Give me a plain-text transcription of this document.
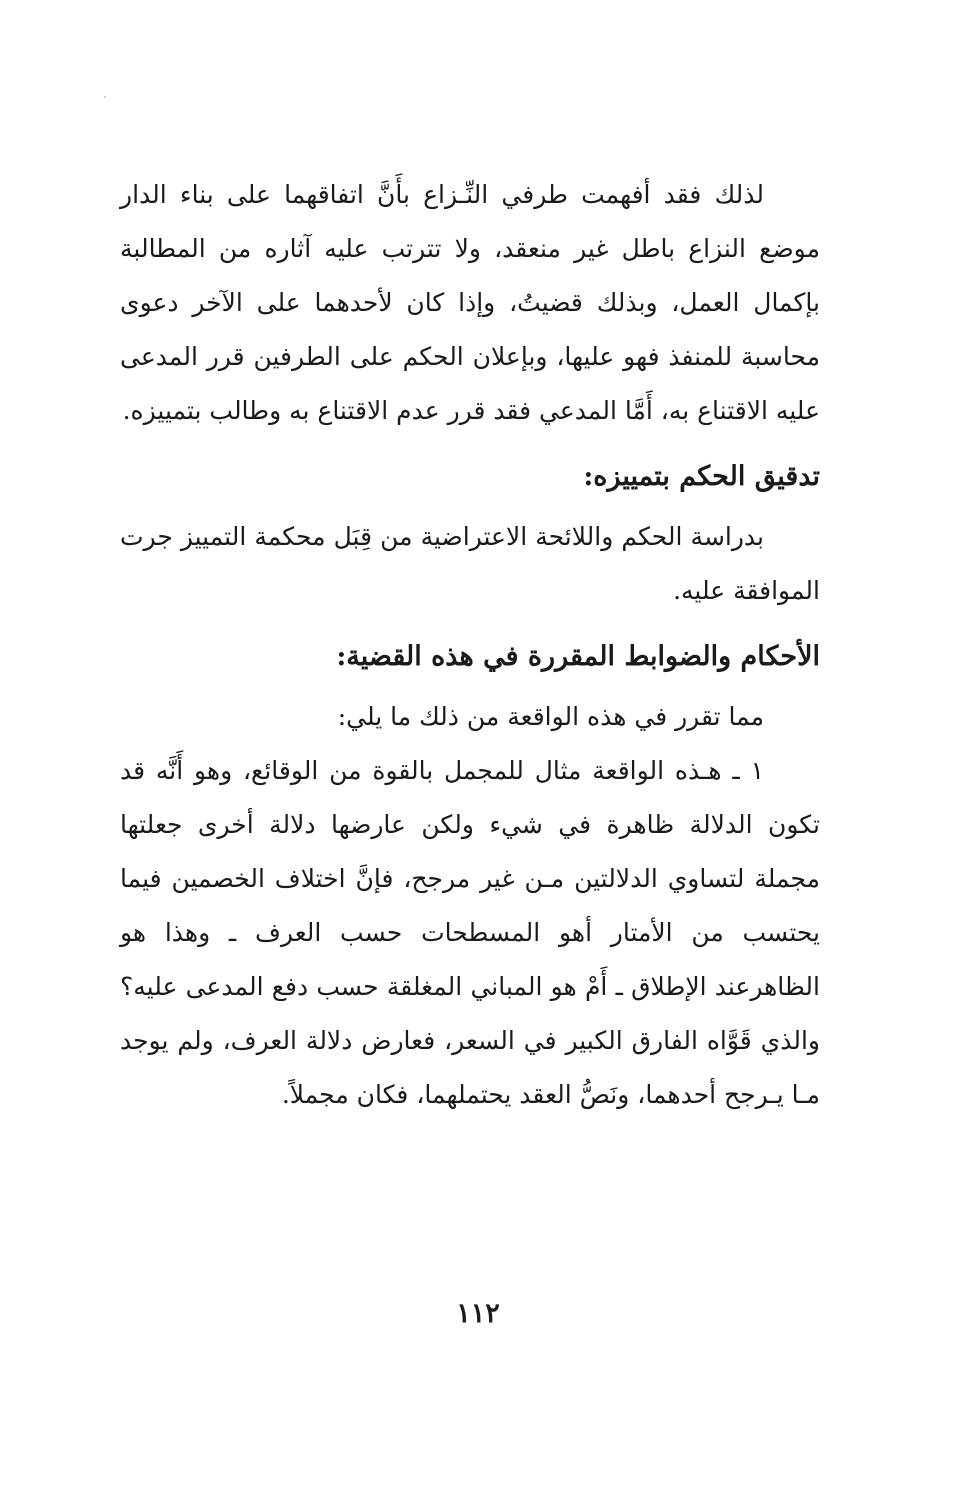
لذلك فقد أفهمت طرفي النِّـزاع بأَنَّ اتفاقهما على بناء الدار موضع النزاع باطل غير منعقد، ولا تترتب عليه آثاره من المطالبة بإكمال العمل، وبذلك قضيتُ، وإذا كان لأحدهما على الآخر دعوى محاسبة للمنفذ فهو عليها، وبإعلان الحكم على الطرفين قرر المدعى عليه الاقتناع به، أَمَّا المدعي فقد قرر عدم الاقتناع به وطالب بتمييزه.

تدقيق الحكم بتمييزه:

بدراسة الحكم واللائحة الاعتراضية من قِبَل محكمة التمييز جرت الموافقة عليه.

الأحكام والضوابط المقررة في هذه القضية:

مما تقرر في هذه الواقعة من ذلك ما يلي:

١ ـ هـذه الواقعة مثال للمجمل بالقوة من الوقائع، وهو أَنَّه قد تكون الدلالة ظاهرة في شيء ولكن عارضها دلالة أخرى جعلتها مجملة لتساوي الدلالتين مـن غير مرجح، فإنَّ اختلاف الخصمين فيما يحتسب من الأمتار أهو المسطحات حسب العرف ـ وهذا هو الظاهرعند الإطلاق ـ أَمْ هو المباني المغلقة حسب دفع المدعى عليه؟ والذي قَوَّاه الفارق الكبير في السعر، فعارض دلالة العرف، ولم يوجد مـا يـرجح أحدهما، ونَصُّ العقد يحتملهما، فكان مجملاً.

١١٢
